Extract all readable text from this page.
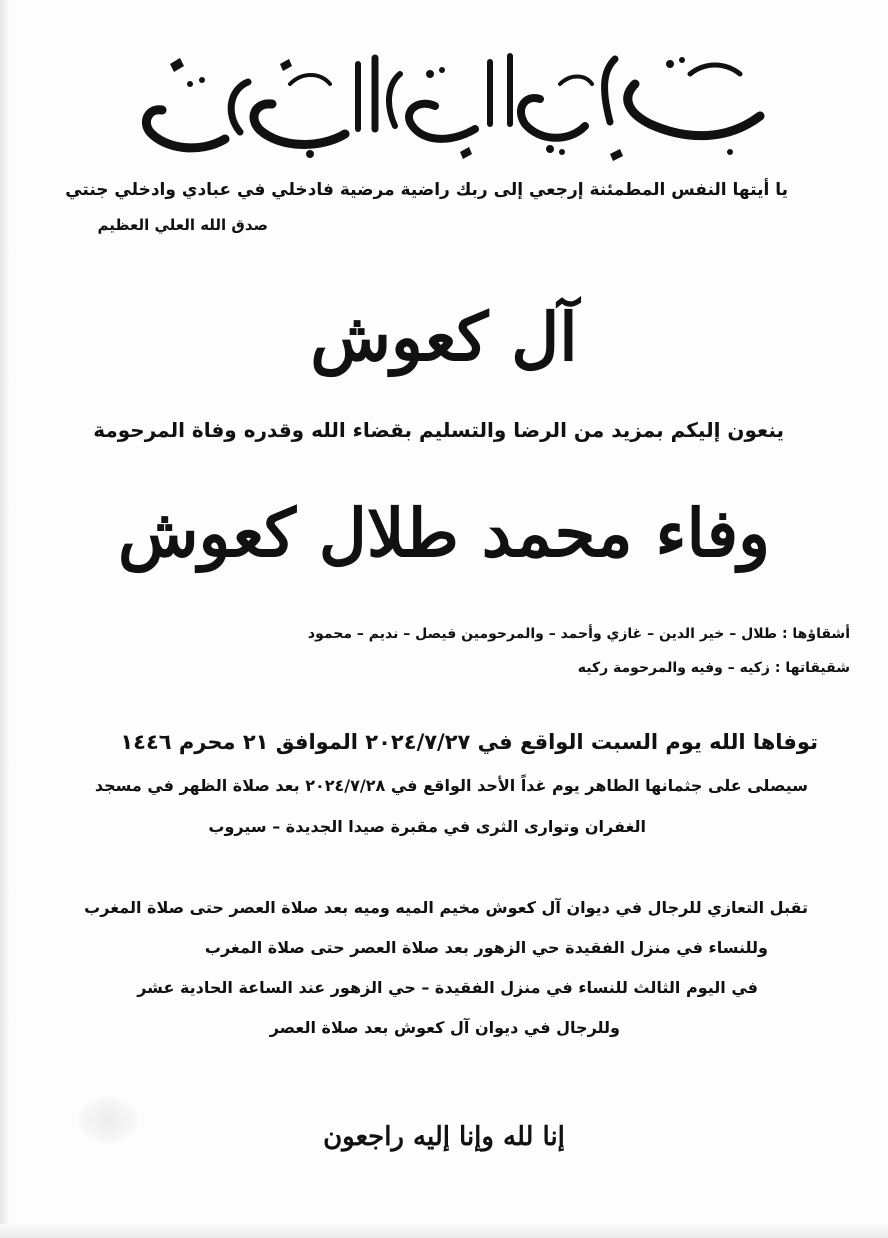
يا أيتها النفس المطمئنة إرجعي إلى ربك راضية مرضية فادخلي في عبادي وادخلي جنتي
صدق الله العلي العظيم
آل كعوش
ينعون إليكم بمزيد من الرضا والتسليم بقضاء الله وقدره وفاة المرحومة
وفاء محمد طلال كعوش
أشقاؤها : طلال – خير الدين – غازي وأحمد – والمرحومين فيصل – نديم – محمود
شقيقاتها : زكيه – وفيه والمرحومة ركيه
توفاها الله يوم السبت الواقع في ٢٠٢٤/٧/٢٧ الموافق ٢١ محرم ١٤٤٦
سيصلى على جثمانها الطاهر يوم غداً الأحد الواقع في ٢٠٢٤/٧/٢٨ بعد صلاة الظهر في مسجد
الغفران وتوارى الثرى في مقبرة صيدا الجديدة – سيروب
تقبل التعازي للرجال في ديوان آل كعوش مخيم الميه وميه بعد صلاة العصر حتى صلاة المغرب
وللنساء في منزل الفقيدة حي الزهور بعد صلاة العصر حتى صلاة المغرب
في اليوم الثالث للنساء في منزل الفقيدة – حي الزهور عند الساعة الحادية عشر
وللرجال في ديوان آل كعوش بعد صلاة العصر
إنا لله وإنا إليه راجعون
